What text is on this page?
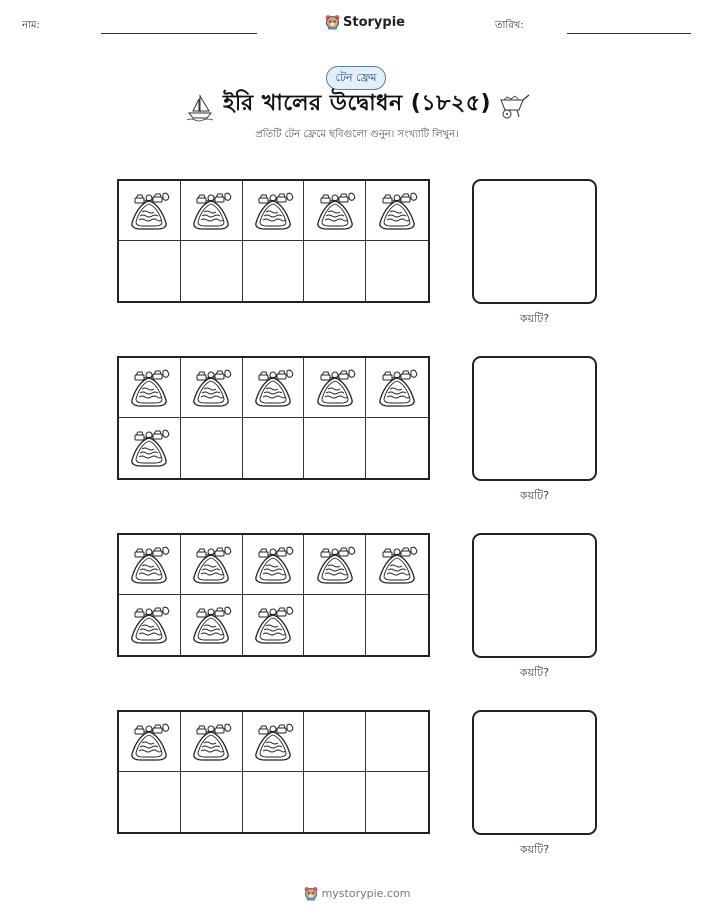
নাম:	Storypie	তারিখ:
টেন ফ্রেম
ইরি খালের উদ্বোধন (১৮২৫)
প্রতিটি টেন ফ্রেমে ছবিগুলো গুনুন। সংখ্যাটি লিখুন।
কয়টি?
কয়টি?
কয়টি?
কয়টি?
mystorypie.com
